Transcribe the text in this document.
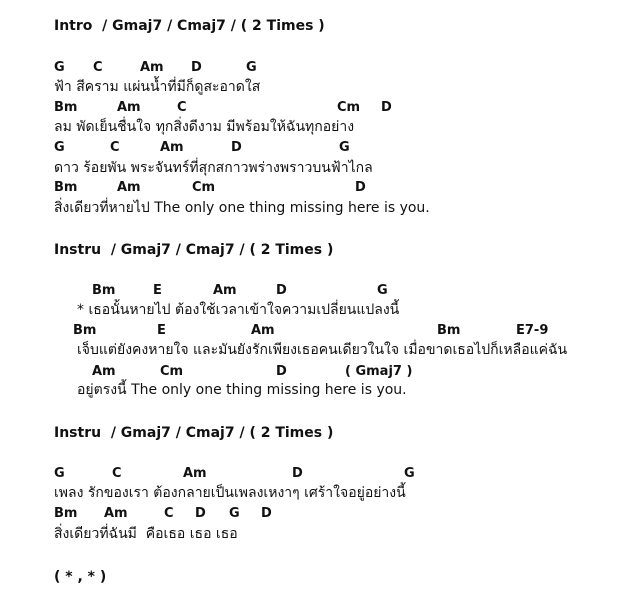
Intro  / Gmaj7 / Cmaj7 / ( 2 Times )

G

C

	Am

D

	G

ฟ้า สีคราม แผ่นน้ำที่มีก็ดูสะอาดใส

Bm

	Am

	C

	Cm

D

ลม พัดเย็นชื่นใจ ทุกสิ่งดีงาม มีพร้อมให้ฉันทุกอย่าง

G

	C

	Am

	D

	G

ดาว ร้อยพัน พระจันทร์ที่สุกสกาวพร่างพราวบนฟ้าไกล

Bm

	Am

	Cm

	D

สิ่งเดียวที่หายไป The only one thing missing here is you.
Instru  / Gmaj7 / Cmaj7 / ( 2 Times )

Bm

	E

	Am

	D

	G

* เธอนั้นหายไป ต้องใช้เวลาเข้าใจความเปลี่ยนแปลงนี้

Bm

	E

	Am

	Bm

	E7-9

เจ็บแต่ยังคงหายใจ และมันยังรักเพียงเธอคนเดียวในใจ เมื่อขาดเธอไปก็เหลือแค่ฉัน

Am

	Cm

	D

	( Gmaj7 )

อยู่ตรงนี้ The only one thing missing here is you.
Instru  / Gmaj7 / Cmaj7 / ( 2 Times )

G

	C

	Am

	D

	G

เพลง รักของเรา ต้องกลายเป็นเพลงเหงาๆ เศร้าใจอยู่อย่างนี้

Bm

Am

	C

D

G

D

สิ่งเดียวที่ฉันมี  คือเธอ เธอ เธอ
( * , * )
